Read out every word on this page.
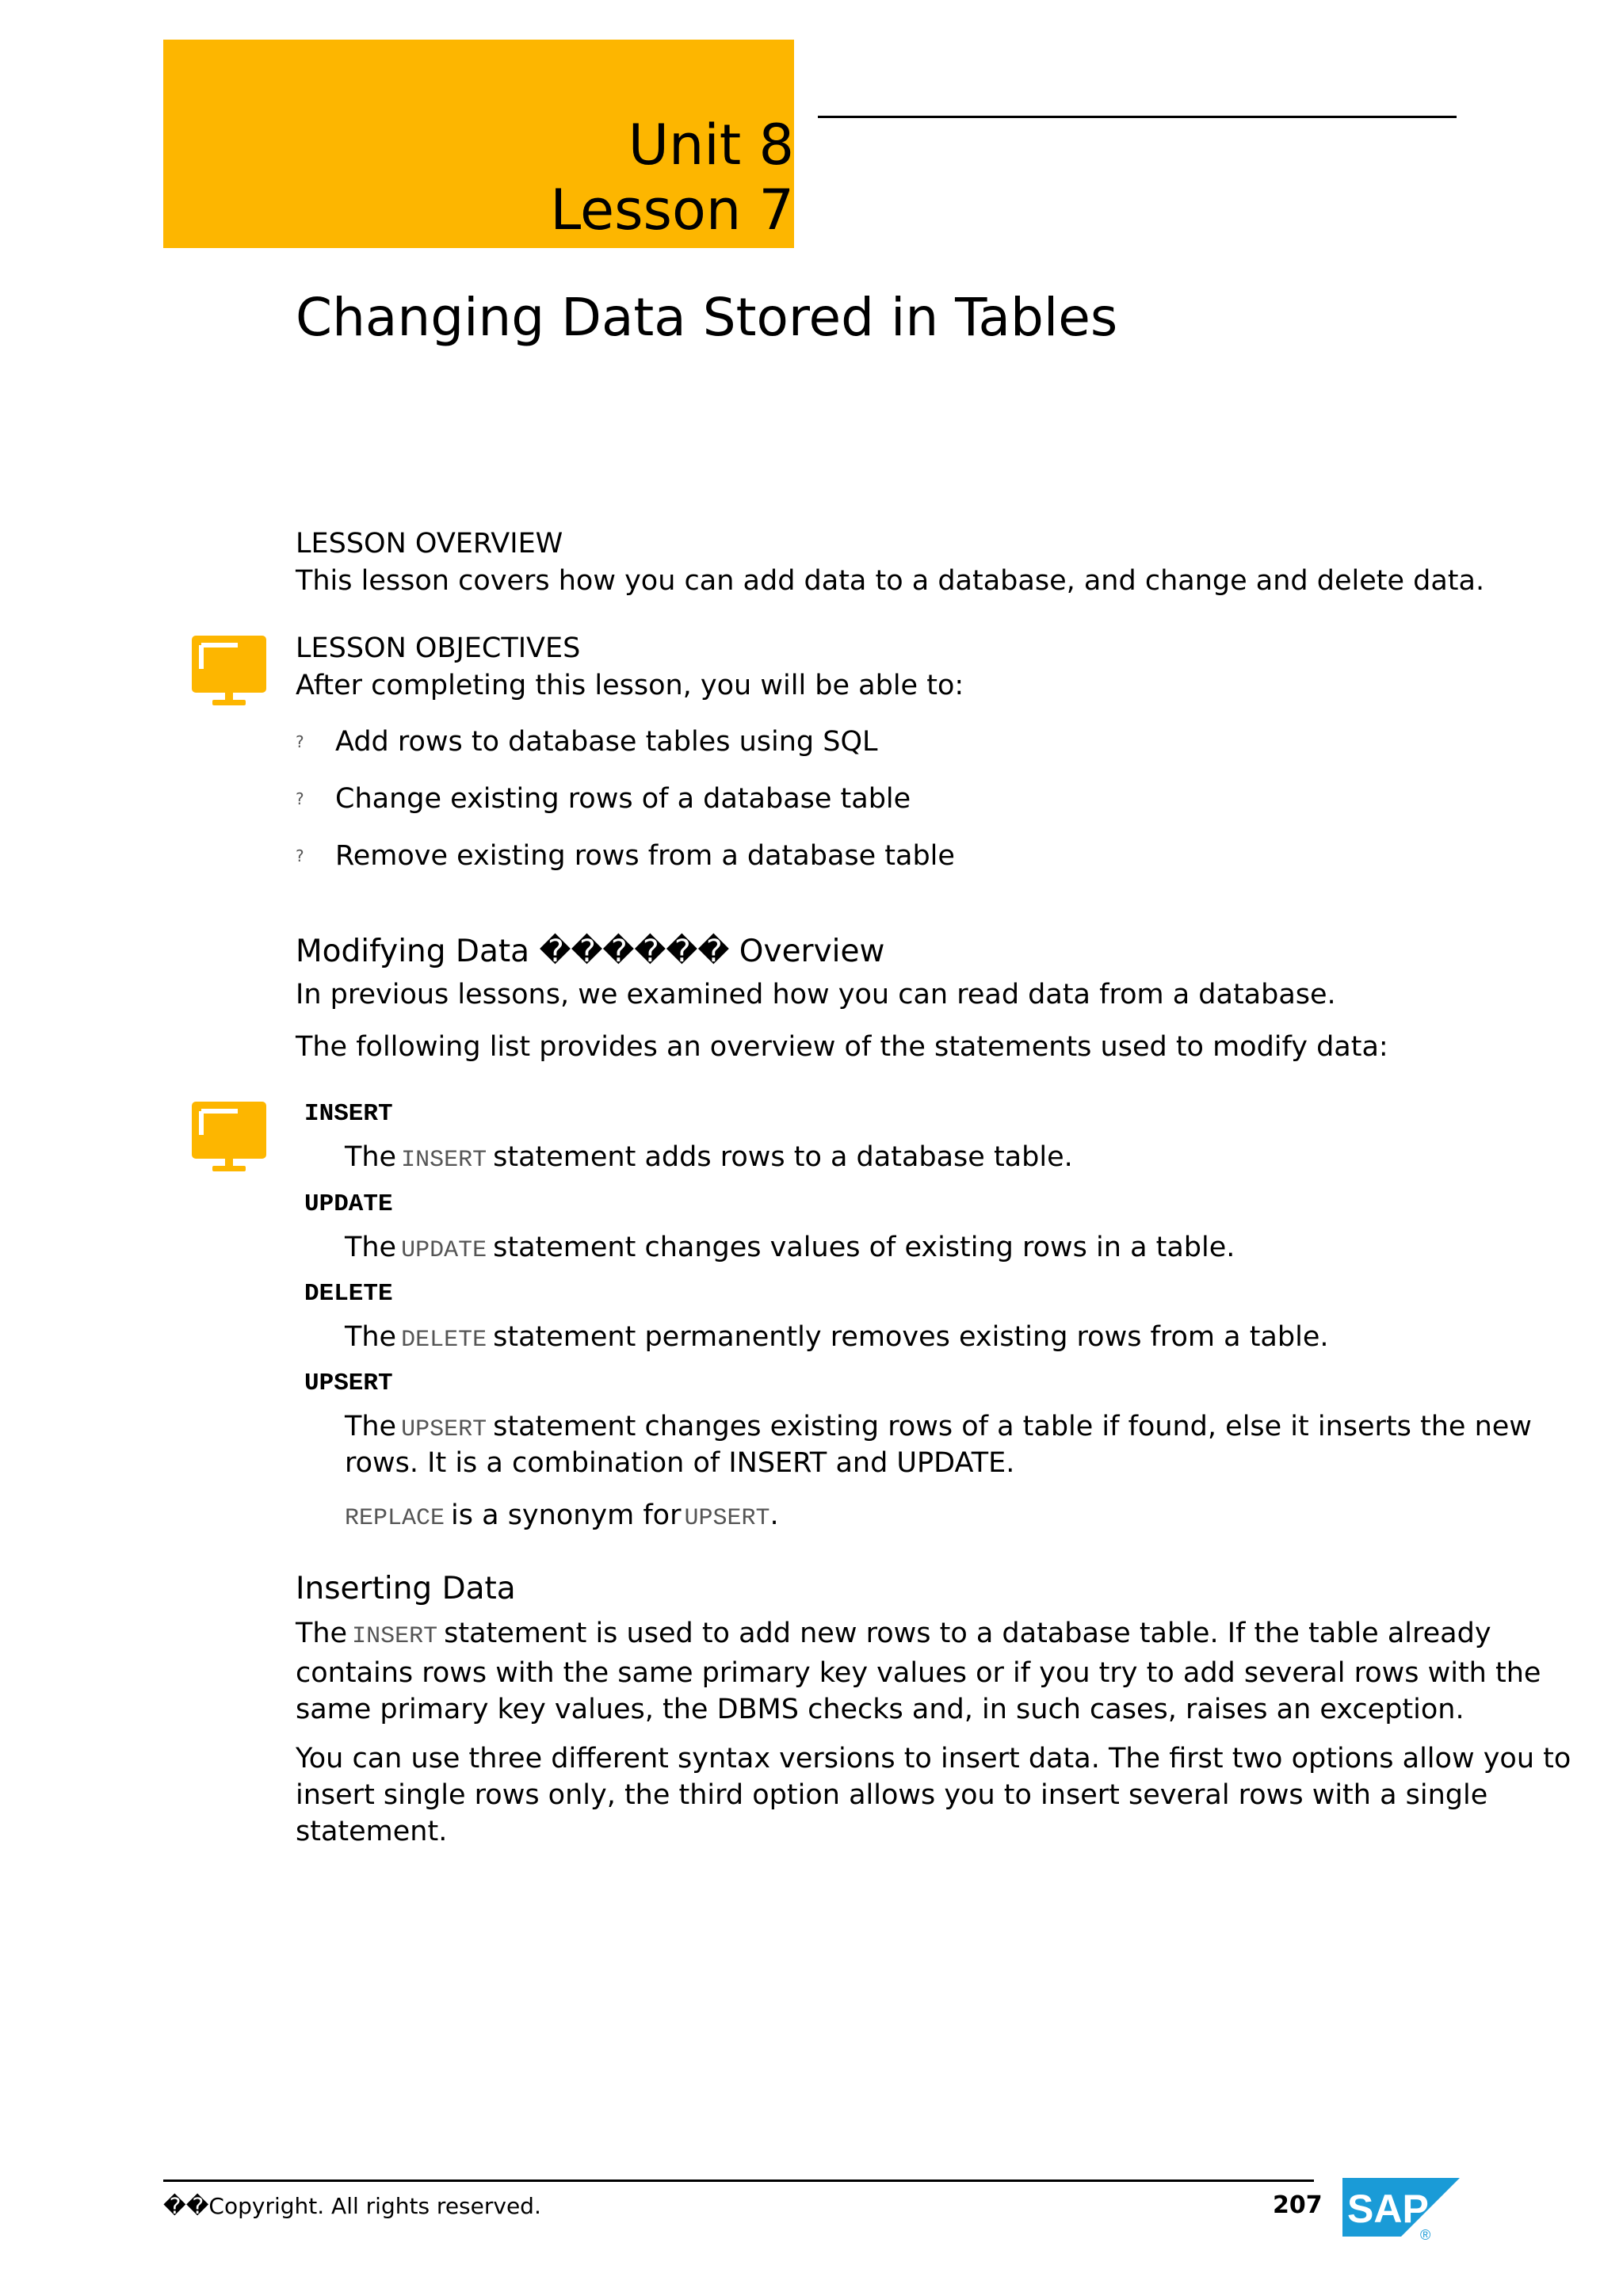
Unit 8
Lesson 7
Changing Data Stored in Tables
LESSON OVERVIEW
This lesson covers how you can add data to a database, and change and delete data.
LESSON OBJECTIVES
After completing this lesson, you will be able to:
? Add rows to database tables using SQL
? Change existing rows of a database table
? Remove existing rows from a database table
Modifying Data ������ Overview
In previous lessons, we examined how you can read data from a database.
The following list provides an overview of the statements used to modify data:
INSERT
The INSERT statement adds rows to a database table.
UPDATE
The UPDATE statement changes values of existing rows in a table.
DELETE
The DELETE statement permanently removes existing rows from a table.
UPSERT
The UPSERT statement changes existing rows of a table if found, else it inserts the new
rows. It is a combination of INSERT and UPDATE.
REPLACE is a synonym for UPSERT.
Inserting Data
The INSERT statement is used to add new rows to a database table. If the table already
contains rows with the same primary key values or if you try to add several rows with the
same primary key values, the DBMS checks and, in such cases, raises an exception.
You can use three different syntax versions to insert data. The first two options allow you to
insert single rows only, the third option allows you to insert several rows with a single
statement.
��Copyright. All rights reserved.	207 SAP
®
